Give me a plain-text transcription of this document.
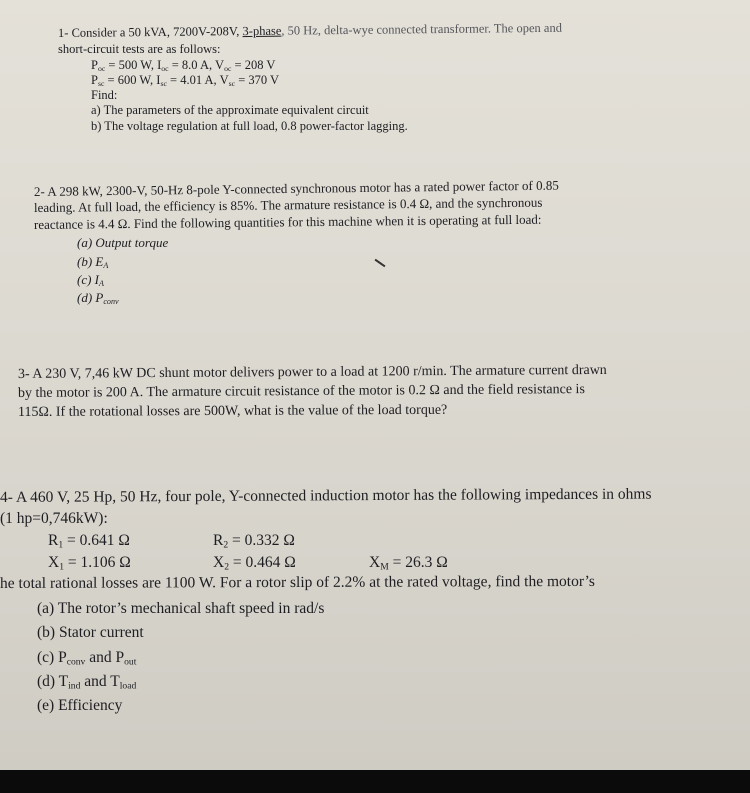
1- Consider a 50 kVA, 7200V-208V, 3-phase, 50 Hz, delta-wye connected transformer. The open and
short-circuit tests are as follows:
$P_{oc} = 500$ W, $I_{oc} = 8.0$ A, $V_{oc} = 208$ V
$P_{sc} = 600$ W, $I_{sc} = 4.01$ A, $V_{sc} = 370$ V
Find:
a) The parameters of the approximate equivalent circuit
b) The voltage regulation at full load, 0.8 power-factor lagging.
2- A 298 kW, 2300-V, 50-Hz 8-pole Y-connected synchronous motor has a rated power factor of 0.85
leading. At full load, the efficiency is 85%. The armature resistance is 0.4 Ω, and the synchronous
reactance is 4.4 Ω. Find the following quantities for this machine when it is operating at full load:
(a) Output torque
(b) $E_A$
(c) $I_A$
(d) $P_{conv}$
3- A 230 V, 7,46 kW DC shunt motor delivers power to a load at 1200 r/min. The armature current drawn
by the motor is 200 A. The armature circuit resistance of the motor is 0.2 Ω and the field resistance is
115Ω. If the rotational losses are 500W, what is the value of the load torque?
4- A 460 V, 25 Hp, 50 Hz, four pole, Y-connected induction motor has the following impedances in ohms
(1 hp=0,746kW):
$R_1 = 0.641$ Ω	$R_2 = 0.332$ Ω
$X_1 = 1.106$ Ω	$X_2 = 0.464$ Ω	$X_M = 26.3$ Ω
he total rational losses are 1100 W. For a rotor slip of 2.2% at the rated voltage, find the motor’s
(a) The rotor’s mechanical shaft speed in rad/s
(b) Stator current
(c) $P_{conv}$ and $P_{out}$
(d) $T_{ind}$ and $T_{load}$
(e) Efficiency
